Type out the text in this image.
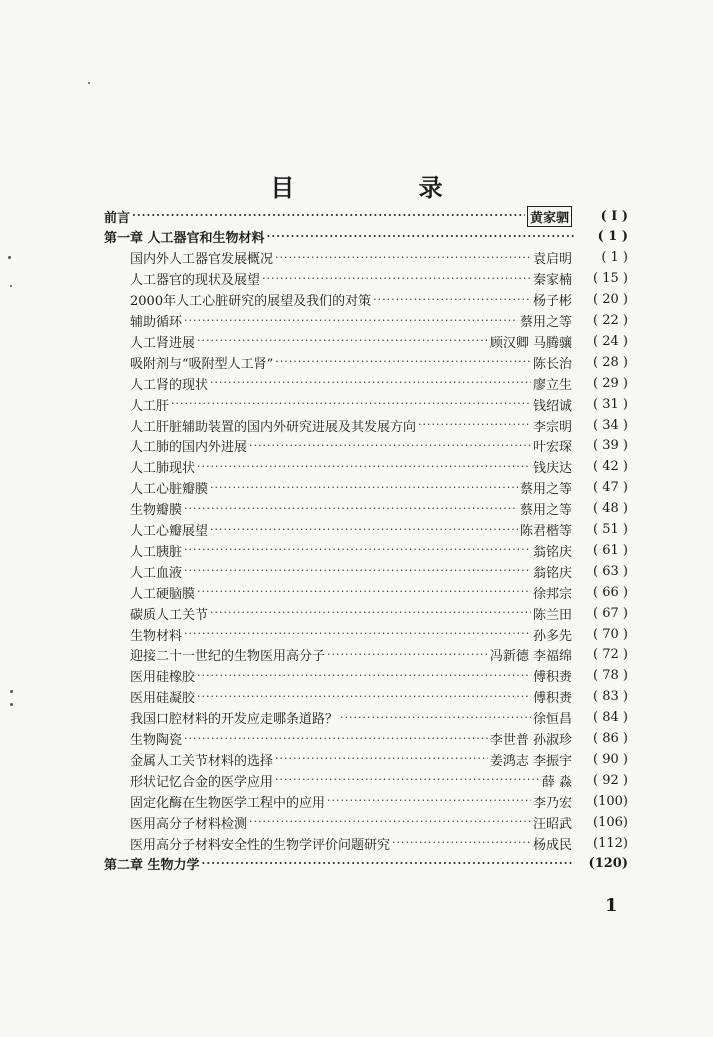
目 录
1
前言 ·····	黄家驷	( I )
第一章 人工器官和生物材料 ·····	( 1 )
国内外人工器官发展概况 ·····	袁启明	( 1 )
人工器官的现状及展望 ·····	秦家楠	( 15 )
2000年人工心脏研究的展望及我们的对策 ·····	杨子彬	( 20 )
辅助循环 ·····	蔡用之等	( 22 )
人工肾进展 ·····	顾汉卿 马腾骧	( 24 )
吸附剂与“吸附型人工肾” ·····	陈长治	( 28 )
人工肾的现状 ·····	廖立生	( 29 )
人工肝 ·····	钱绍诚	( 31 )
人工肝脏辅助装置的国内外研究进展及其发展方向 ·····	李宗明	( 34 )
人工肺的国内外进展 ·····	叶宏琛	( 39 )
人工肺现状 ·····	钱庆达	( 42 )
人工心脏瓣膜 ·····	蔡用之等	( 47 )
生物瓣膜 ·····	蔡用之等	( 48 )
人工心瓣展望 ·····	陈君楷等	( 51 )
人工胰脏 ·····	翁铭庆	( 61 )
人工血液 ·····	翁铭庆	( 63 )
人工硬脑膜 ·····	徐邦宗	( 66 )
碳质人工关节 ·····	陈兰田	( 67 )
生物材料 ·····	孙多先	( 70 )
迎接二十一世纪的生物医用高分子 ·····	冯新德 李福绵	( 72 )
医用硅橡胶 ·····	傅积赉	( 78 )
医用硅凝胶 ·····	傅积赉	( 83 )
我国口腔材料的开发应走哪条道路？ ·····	徐恒昌	( 84 )
生物陶瓷 ·····	李世普 孙淑珍	( 86 )
金属人工关节材料的选择 ·····	姜鸿志 李振宇	( 90 )
形状记忆合金的医学应用 ·····	薛 淼	( 92 )
固定化酶在生物医学工程中的应用 ·····	李乃宏	(100)
医用高分子材料检测 ·····	汪昭武	(106)
医用高分子材料安全性的生物学评价问题研究 ·····	杨成民	(112)
第二章 生物力学 ·····	(120)
